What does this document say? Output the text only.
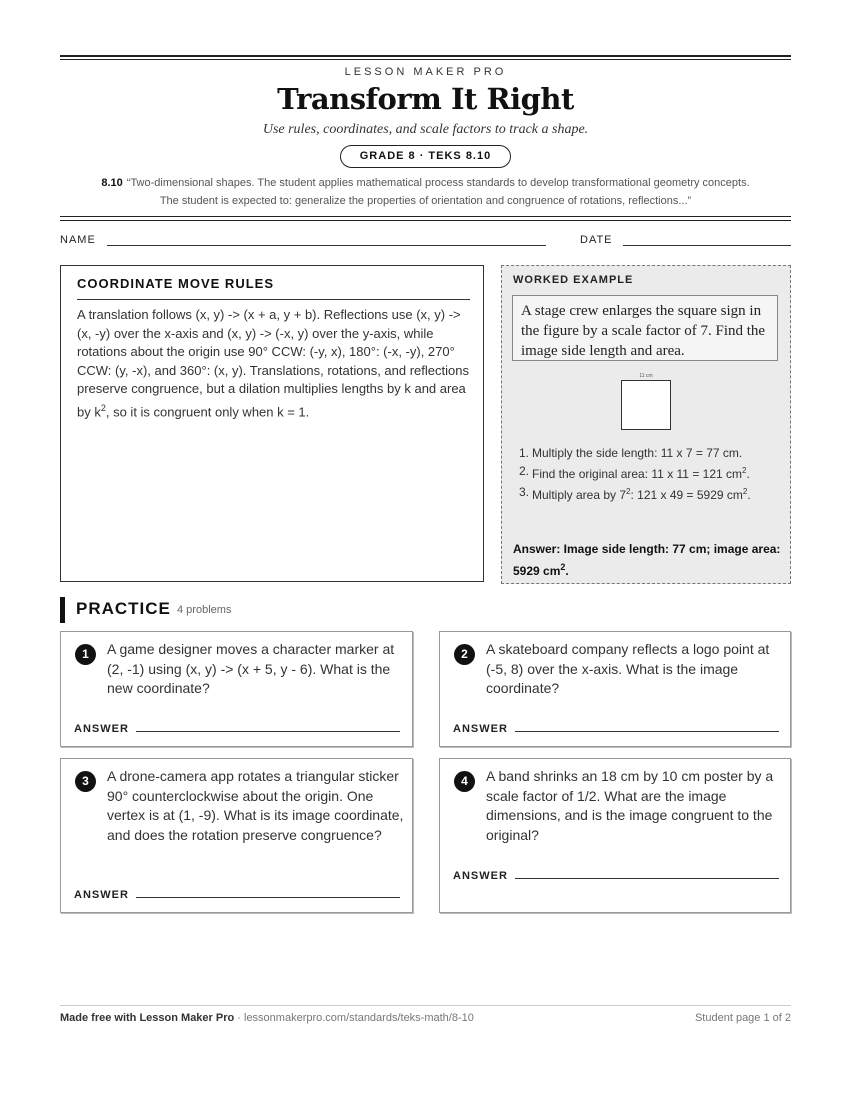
LESSON MAKER PRO
Transform It Right
Use rules, coordinates, and scale factors to track a shape.
GRADE 8 · TEKS 8.10
8.10 “Two-dimensional shapes. The student applies mathematical process standards to develop transformational geometry concepts.
The student is expected to: generalize the properties of orientation and congruence of rotations, reflections...”
NAME	DATE
COORDINATE MOVE RULES
A translation follows (x, y) -> (x + a, y + b). Reflections use (x, y) -> (x, -y) over the x-axis and (x, y) -> (-x, y) over the y-axis, while rotations about the origin use 90° CCW: (-y, x), 180°: (-x, -y), 270° CCW: (y, -x), and 360°: (x, y). Translations, rotations, and reflections preserve congruence, but a dilation multiplies lengths by k and area by $k^2$, so it is congruent only when k = 1.
WORKED EXAMPLE
A stage crew enlarges the square sign in the figure by a scale factor of 7. Find the image side length and area.
11 cm
1. Multiply the side length: 11 x 7 = 77 cm.
2. Find the original area: 11 x 11 = 121 $cm^2$.
3. Multiply area by $7^2$: 121 x 49 = 5929 $cm^2$.
Answer: Image side length: 77 cm; image area: 5929 $cm^2$.
PRACTICE 4 problems
1	A game designer moves a character marker at (2, -1) using (x, y) -> (x + 5, y - 6). What is the new coordinate?
ANSWER
2	A skateboard company reflects a logo point at (-5, 8) over the x-axis. What is the image coordinate?
ANSWER
3	A drone-camera app rotates a triangular sticker 90° counterclockwise about the origin. One vertex is at (1, -9). What is its image coordinate, and does the rotation preserve congruence?
ANSWER
4	A band shrinks an 18 cm by 10 cm poster by a scale factor of 1/2. What are the image dimensions, and is the image congruent to the original?
ANSWER
Made free with Lesson Maker Pro · lessonmakerpro.com/standards/teks-math/8-10	Student page 1 of 2
